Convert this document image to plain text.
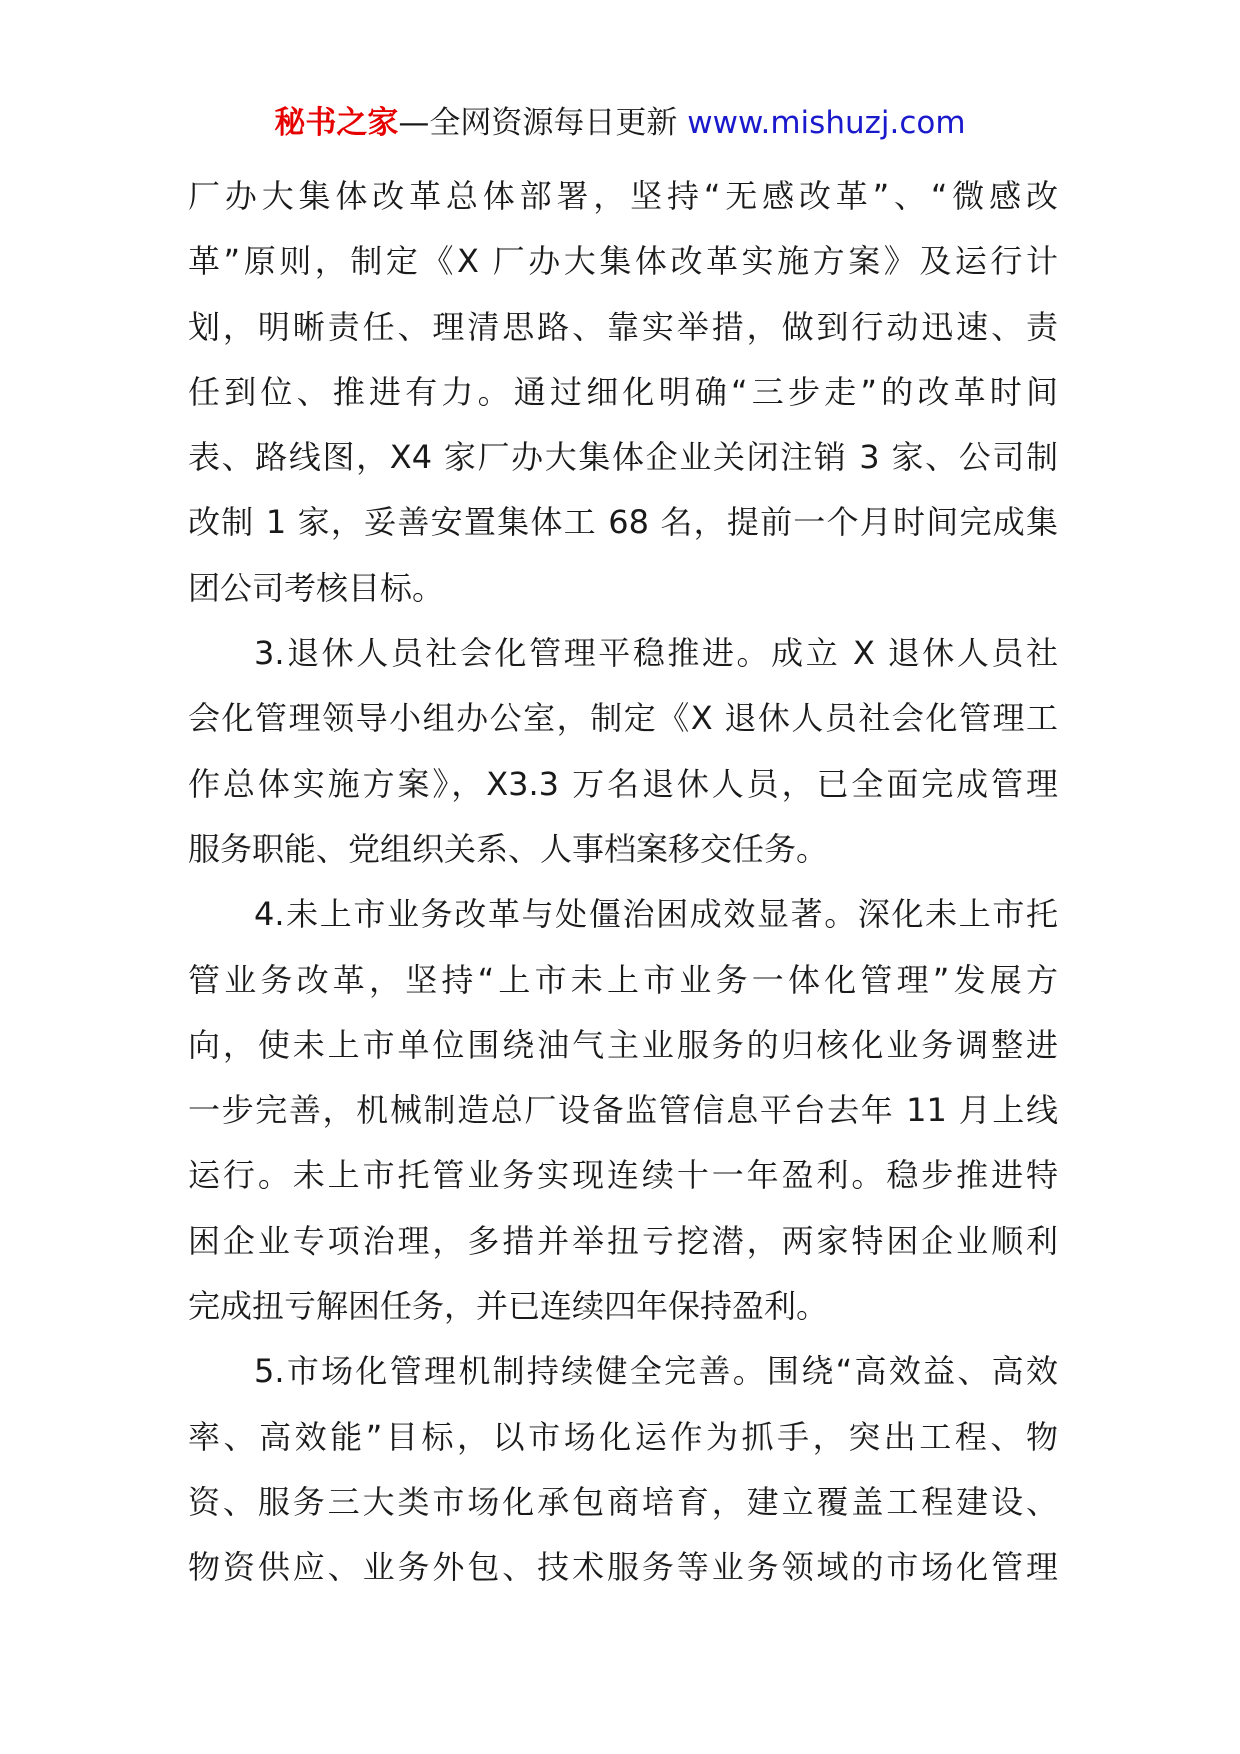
秘书之家—全网资源每日更新 www.mishuzj.com
厂办大集体改革总体部署，坚持“无感改革”、“微感改
革”原则，制定《X 厂办大集体改革实施方案》及运行计
划，明晰责任、理清思路、靠实举措，做到行动迅速、责
任到位、推进有力。通过细化明确“三步走”的改革时间
表、路线图，X4 家厂办大集体企业关闭注销 3 家、公司制
改制 1 家，妥善安置集体工 68 名，提前一个月时间完成集
团公司考核目标。
3.退休人员社会化管理平稳推进。成立 X 退休人员社
会化管理领导小组办公室，制定《X 退休人员社会化管理工
作总体实施方案》，X3.3 万名退休人员，已全面完成管理
服务职能、党组织关系、人事档案移交任务。
4.未上市业务改革与处僵治困成效显著。深化未上市托
管业务改革，坚持“上市未上市业务一体化管理”发展方
向，使未上市单位围绕油气主业服务的归核化业务调整进
一步完善，机械制造总厂设备监管信息平台去年 11 月上线
运行。未上市托管业务实现连续十一年盈利。稳步推进特
困企业专项治理，多措并举扭亏挖潜，两家特困企业顺利
完成扭亏解困任务，并已连续四年保持盈利。
5.市场化管理机制持续健全完善。围绕“高效益、高效
率、高效能”目标，以市场化运作为抓手，突出工程、物
资、服务三大类市场化承包商培育，建立覆盖工程建设、
物资供应、业务外包、技术服务等业务领域的市场化管理
